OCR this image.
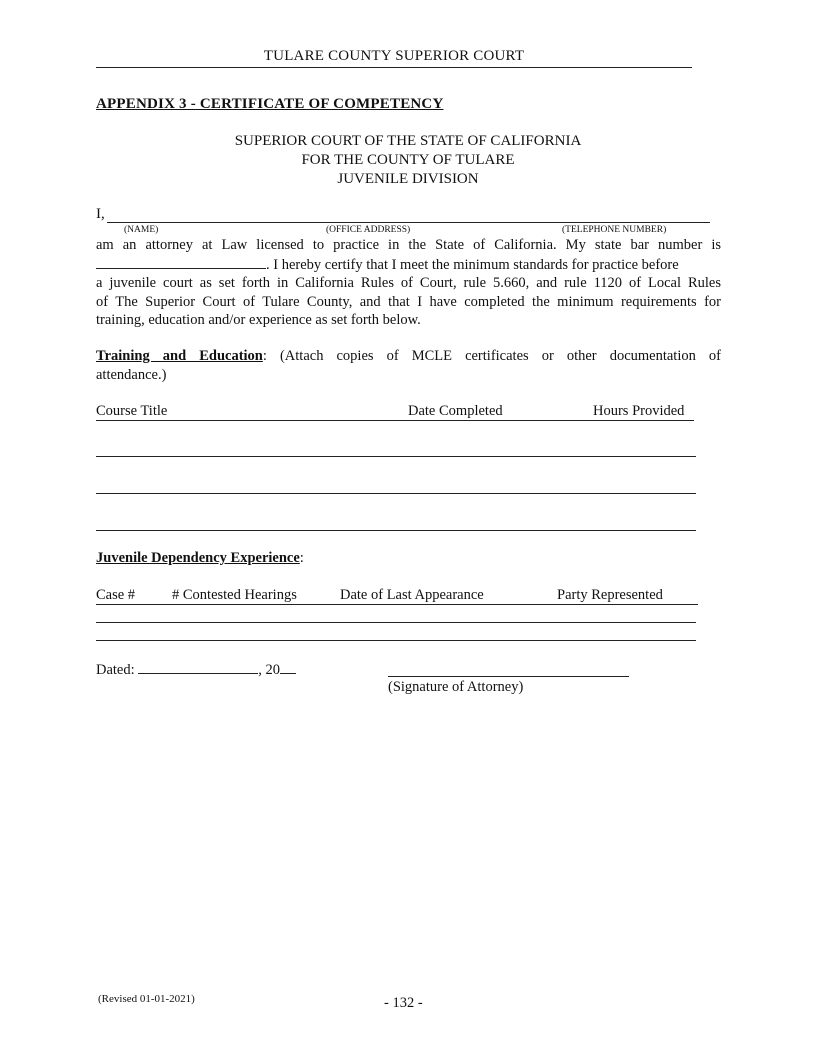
TULARE COUNTY SUPERIOR COURT
APPENDIX 3 - CERTIFICATE OF COMPETENCY
SUPERIOR COURT OF THE STATE OF CALIFORNIA
FOR THE COUNTY OF TULARE
JUVENILE DIVISION
I,
(NAME)	(OFFICE ADDRESS)	(TELEPHONE NUMBER)
am an attorney at Law licensed to practice in the State of California. My state bar number is
. I hereby certify that I meet the minimum standards for practice before
a juvenile court as set forth in California Rules of Court, rule 5.660, and rule 1120 of Local Rules
of The Superior Court of Tulare County, and that I have completed the minimum requirements for
training, education and/or experience as set forth below.
Training and Education: (Attach copies of MCLE certificates or other documentation of
attendance.)
Course Title	Date Completed	Hours Provided
Juvenile Dependency Experience:
Case #	# Contested Hearings	Date of Last Appearance	Party Represented
Dated:	, 20
(Signature of Attorney)
(Revised 01-01-2021)	- 132 -
